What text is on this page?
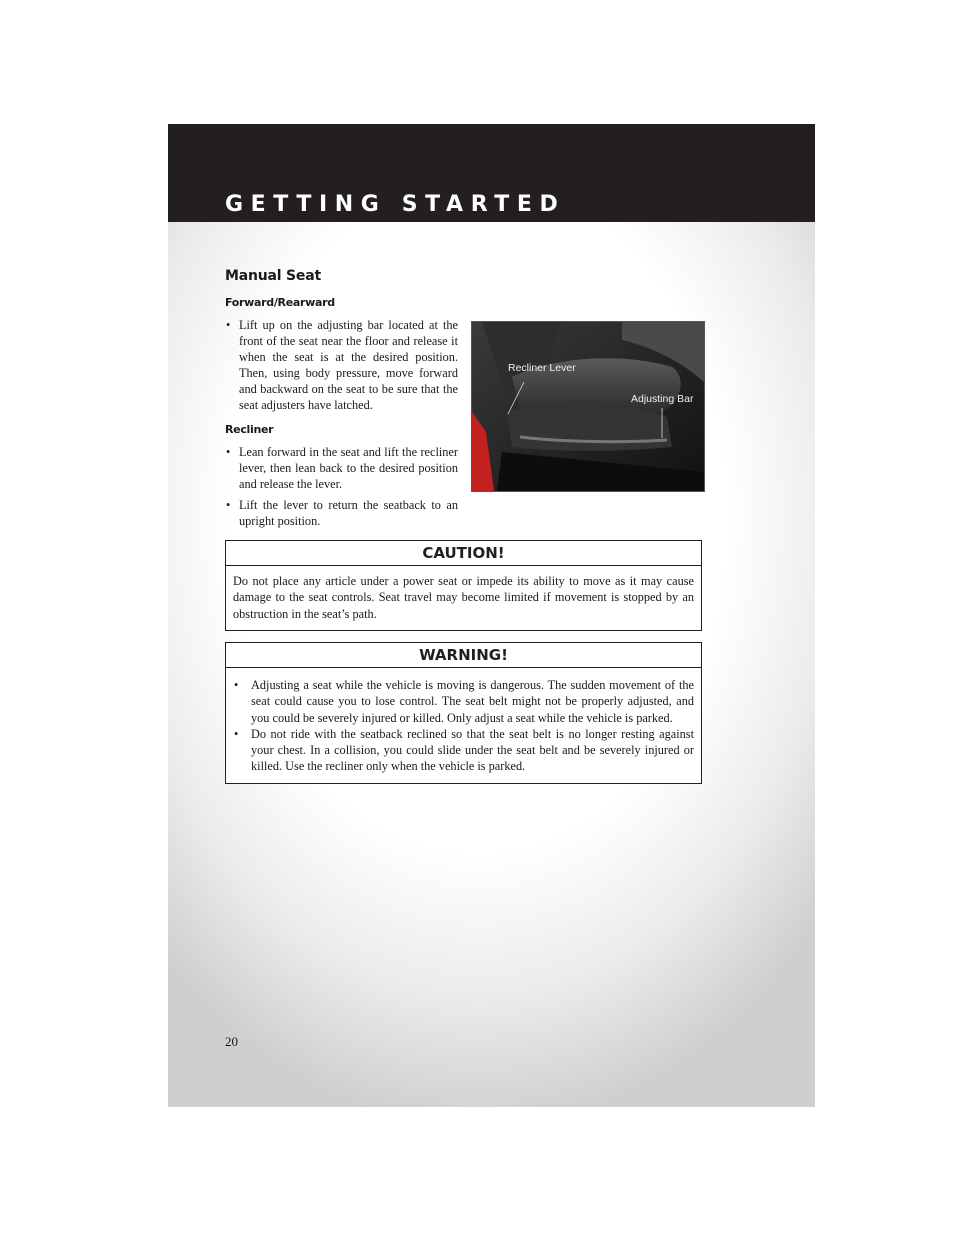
GETTING STARTED
Manual Seat
Forward/Rearward
• Lift up on the adjusting bar located at the front of the seat near the floor and release it when the seat is at the desired position. Then, using body pressure, move forward and backward on the seat to be sure that the seat adjusters have latched.
Recliner
• Lean forward in the seat and lift the recliner lever, then lean back to the desired position and release the lever.
• Lift the lever to return the seatback to an upright position.
Recliner Lever
Adjusting Bar
CAUTION!
Do not place any article under a power seat or impede its ability to move as it may cause damage to the seat controls. Seat travel may become limited if movement is stopped by an obstruction in the seat’s path.
WARNING!
• Adjusting a seat while the vehicle is moving is dangerous. The sudden movement of the seat could cause you to lose control. The seat belt might not be properly adjusted, and you could be severely injured or killed. Only adjust a seat while the vehicle is parked.
• Do not ride with the seatback reclined so that the seat belt is no longer resting against your chest. In a collision, you could slide under the seat belt and be severely injured or killed. Use the recliner only when the vehicle is parked.
20
